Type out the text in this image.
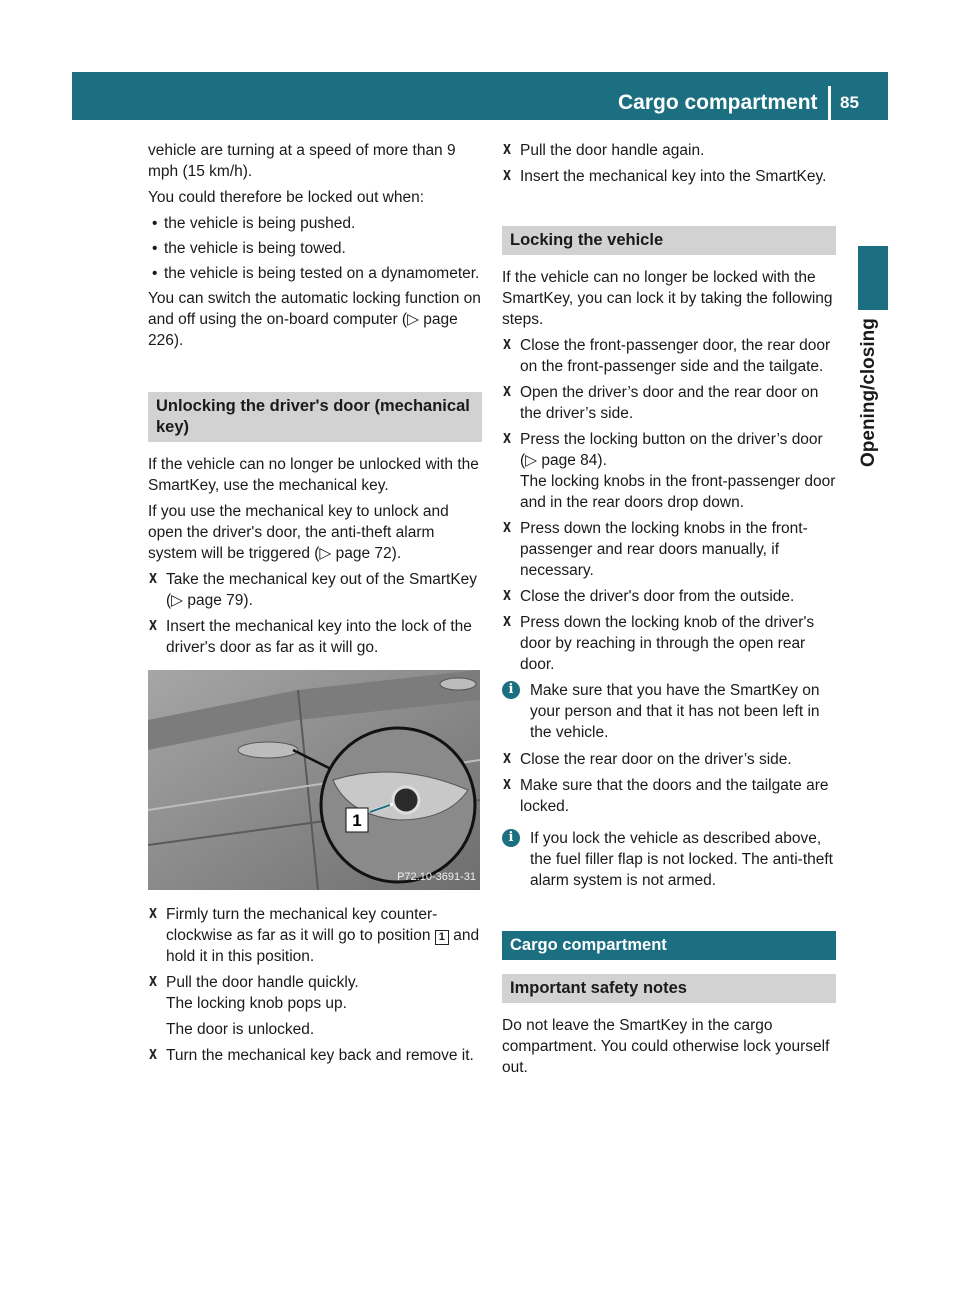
Cargo compartment	85
Opening/closing

vehicle are turning at a speed of more than 9 mph (15 km/h).

You could therefore be locked out when:

• the vehicle is being pushed.
• the vehicle is being towed.
• the vehicle is being tested on a dynamometer.

You can switch the automatic locking function on and off using the on-board computer (▷ page 226).

Unlocking the driver's door (mechanical key)

If the vehicle can no longer be unlocked with the SmartKey, use the mechanical key.

If you use the mechanical key to unlock and open the driver's door, the anti-theft alarm system will be triggered (▷ page 72).

X Take the mechanical key out of the SmartKey (▷ page 79).
X Insert the mechanical key into the lock of the driver's door as far as it will go.
1
P72.10-3691-31
X Firmly turn the mechanical key counter-clockwise as far as it will go to position 1 and hold it in this position.
X Pull the door handle quickly.
The locking knob pops up.
The door is unlocked.
X Turn the mechanical key back and remove it.
X Pull the door handle again.
X Insert the mechanical key into the SmartKey.
Locking the vehicle

If the vehicle can no longer be locked with the SmartKey, you can lock it by taking the following steps.

X Close the front-passenger door, the rear door on the front-passenger side and the tailgate.
X Open the driver’s door and the rear door on the driver’s side.
X Press the locking button on the driver’s door (▷ page 84).
The locking knobs in the front-passenger door and in the rear doors drop down.
X Press down the locking knobs in the front-passenger and rear doors manually, if necessary.
X Close the driver's door from the outside.
X Press down the locking knob of the driver's door by reaching in through the open rear door.
i	Make sure that you have the SmartKey on your person and that it has not been left in the vehicle.
X Close the rear door on the driver’s side.
X Make sure that the doors and the tailgate are locked.
i	If you lock the vehicle as described above, the fuel filler flap is not locked. The anti-theft alarm system is not armed.
Cargo compartment
Important safety notes

Do not leave the SmartKey in the cargo compartment. You could otherwise lock yourself out.
